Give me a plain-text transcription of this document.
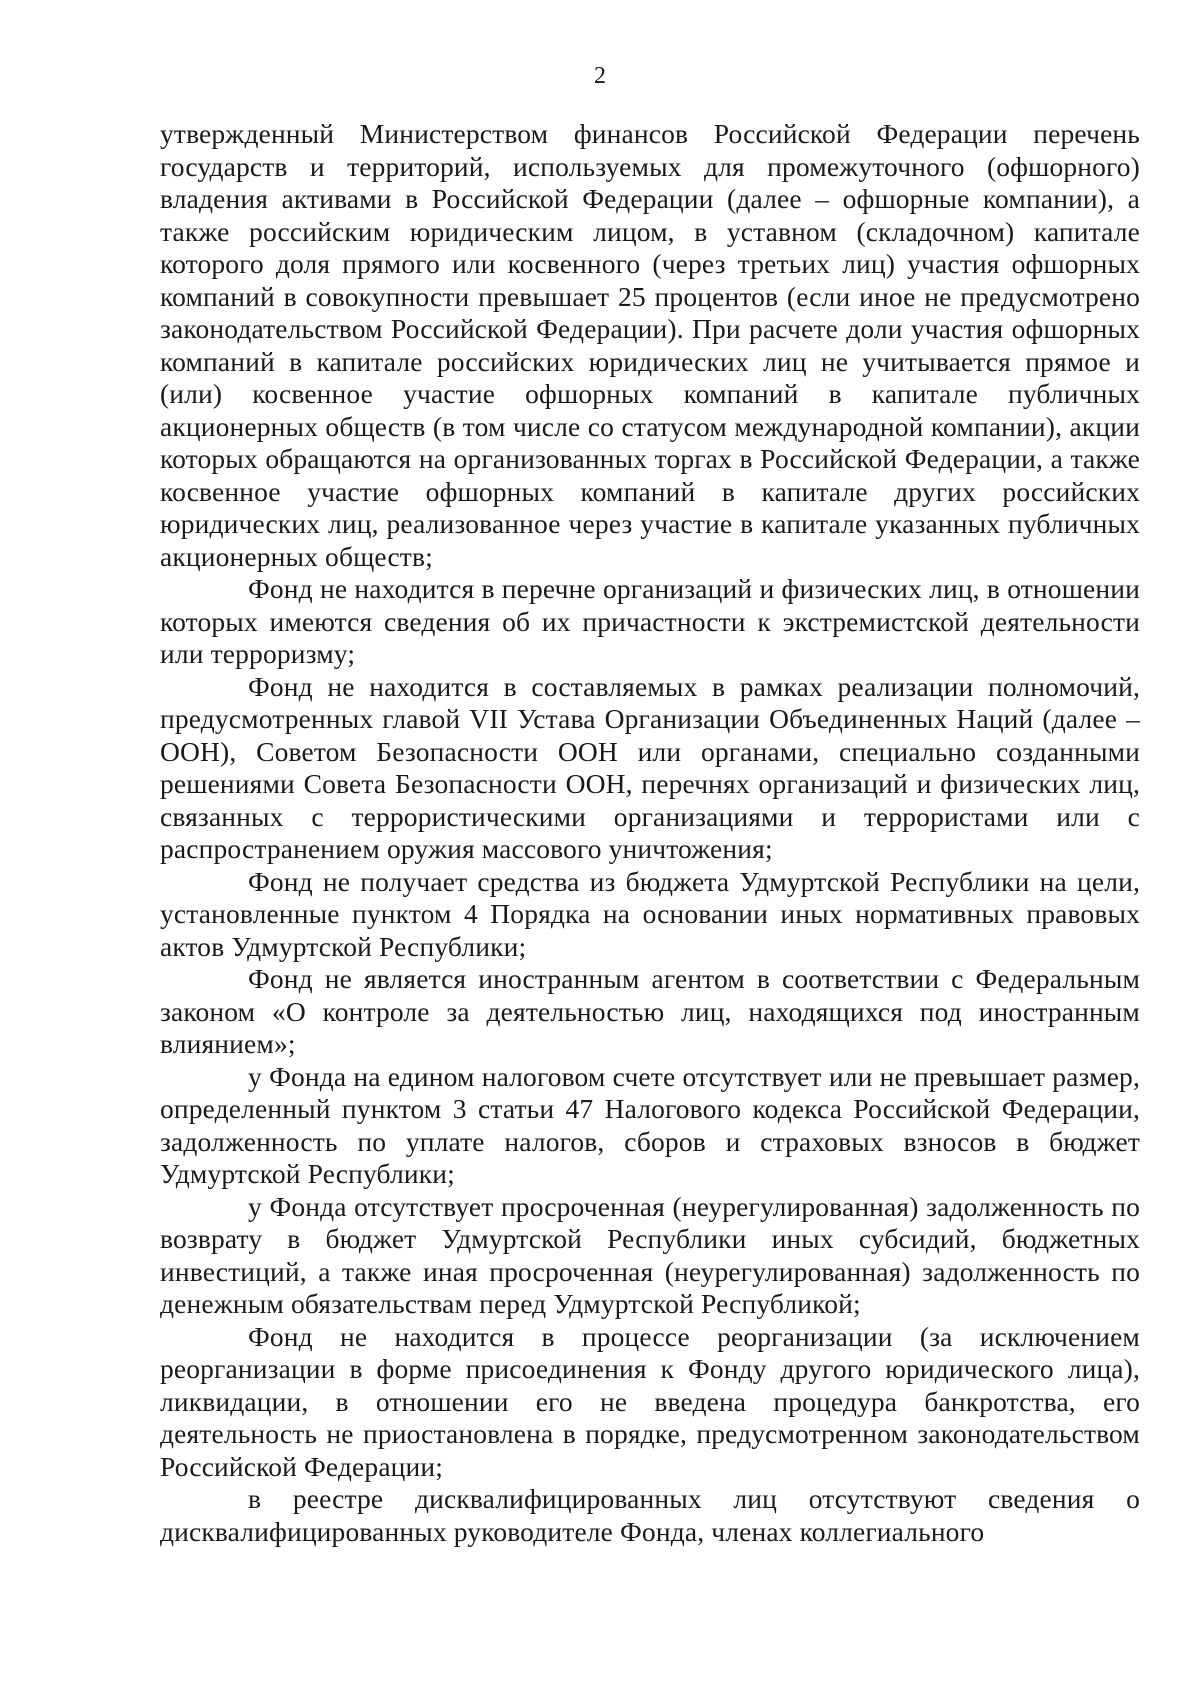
2

утвержденный Министерством финансов Российской Федерации перечень государств и территорий, используемых для промежуточного (офшорного) владения активами в Российской Федерации (далее – офшорные компании), а также российским юридическим лицом, в уставном (складочном) капитале которого доля прямого или косвенного (через третьих лиц) участия офшорных компаний в совокупности превышает 25 процентов (если иное не предусмотрено законодательством Российской Федерации). При расчете доли участия офшорных компаний в капитале российских юридических лиц не учитывается прямое и (или) косвенное участие офшорных компаний в капитале публичных акционерных обществ (в том числе со статусом международной компании), акции которых обращаются на организованных торгах в Российской Федерации, а также косвенное участие офшорных компаний в капитале других российских юридических лиц, реализованное через участие в капитале указанных публичных акционерных обществ;

Фонд не находится в перечне организаций и физических лиц, в отношении которых имеются сведения об их причастности к экстремистской деятельности или терроризму;

Фонд не находится в составляемых в рамках реализации полномочий, предусмотренных главой VII Устава Организации Объединенных Наций (далее – ООН), Советом Безопасности ООН или органами, специально созданными решениями Совета Безопасности ООН, перечнях организаций и физических лиц, связанных с террористическими организациями и террористами или с распространением оружия массового уничтожения;

Фонд не получает средства из бюджета Удмуртской Республики на цели, установленные пунктом 4 Порядка на основании иных нормативных правовых актов Удмуртской Республики;

Фонд не является иностранным агентом в соответствии с Федеральным законом «О контроле за деятельностью лиц, находящихся под иностранным влиянием»;

у Фонда на едином налоговом счете отсутствует или не превышает размер, определенный пунктом 3 статьи 47 Налогового кодекса Российской Федерации, задолженность по уплате налогов, сборов и страховых взносов в бюджет Удмуртской Республики;

у Фонда отсутствует просроченная (неурегулированная) задолженность по возврату в бюджет Удмуртской Республики иных субсидий, бюджетных инвестиций, а также иная просроченная (неурегулированная) задолженность по денежным обязательствам перед Удмуртской Республикой;

Фонд не находится в процессе реорганизации (за исключением реорганизации в форме присоединения к Фонду другого юридического лица), ликвидации, в отношении его не введена процедура банкротства, его деятельность не приостановлена в порядке, предусмотренном законодательством Российской Федерации;

в реестре дисквалифицированных лиц отсутствуют сведения о дисквалифицированных руководителе Фонда, членах коллегиального
